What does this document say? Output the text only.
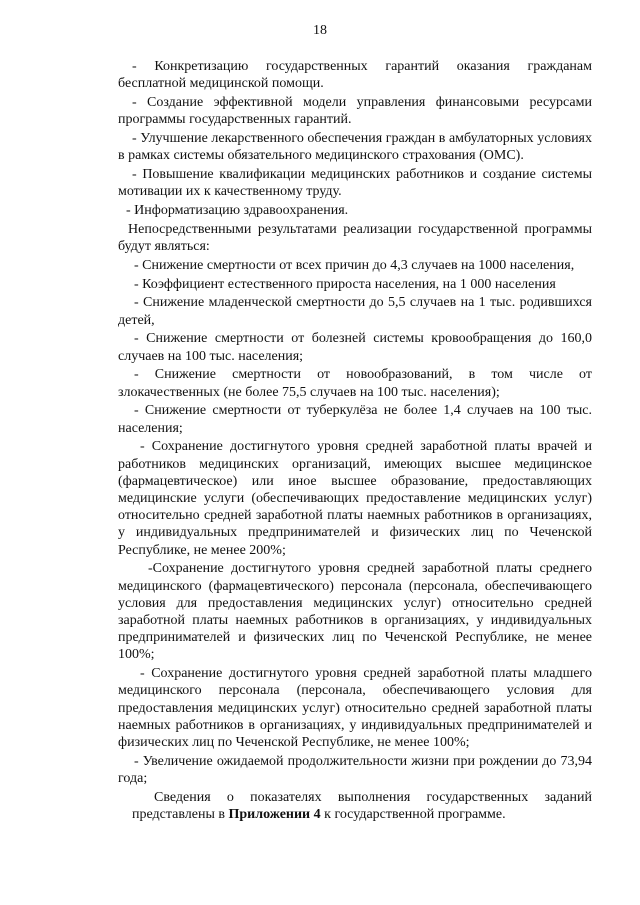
18

- Конкретизацию государственных гарантий оказания гражданам бесплатной медицинской помощи.

- Создание эффективной модели управления финансовыми ресурсами программы государственных гарантий.

- Улучшение лекарственного обеспечения граждан в амбулаторных условиях в рамках системы обязательного медицинского страхования (ОМС).

- Повышение квалификации медицинских работников и создание системы мотивации их к качественному труду.

- Информатизацию здравоохранения.

Непосредственными результатами реализации государственной программы будут являться:

- Снижение смертности от всех причин до 4,3 случаев на 1000 населения,

- Коэффициент естественного прироста населения, на 1 000 населения

- Снижение младенческой смертности до 5,5 случаев на 1 тыс. родившихся детей,

- Снижение смертности от болезней системы кровообращения до 160,0 случаев на 100 тыс. населения;

- Снижение смертности от новообразований, в том числе от злокачественных (не более 75,5 случаев на 100 тыс. населения);

- Снижение смертности от туберкулёза не более 1,4 случаев на 100 тыс. населения;

- Сохранение достигнутого уровня средней заработной платы врачей и работников медицинских организаций, имеющих высшее медицинское (фармацевтическое) или иное высшее образование, предоставляющих медицинские услуги (обеспечивающих предоставление медицинских услуг) относительно средней заработной платы наемных работников в организациях, у индивидуальных предпринимателей и физических лиц по Чеченской Республике, не менее 200%;

-Сохранение достигнутого уровня средней заработной платы среднего медицинского (фармацевтического) персонала (персонала, обеспечивающего условия для предоставления медицинских услуг) относительно средней заработной платы наемных работников в организациях, у индивидуальных предпринимателей и физических лиц по Чеченской Республике, не менее 100%;

- Сохранение достигнутого уровня средней заработной платы младшего медицинского персонала (персонала, обеспечивающего условия для предоставления медицинских услуг) относительно средней заработной платы наемных работников в организациях, у индивидуальных предпринимателей и физических лиц по Чеченской Республике, не менее 100%;

- Увеличение ожидаемой продолжительности жизни при рождении до 73,94 года;

Сведения о показателях выполнения государственных заданий представлены в Приложении 4 к государственной программе.
